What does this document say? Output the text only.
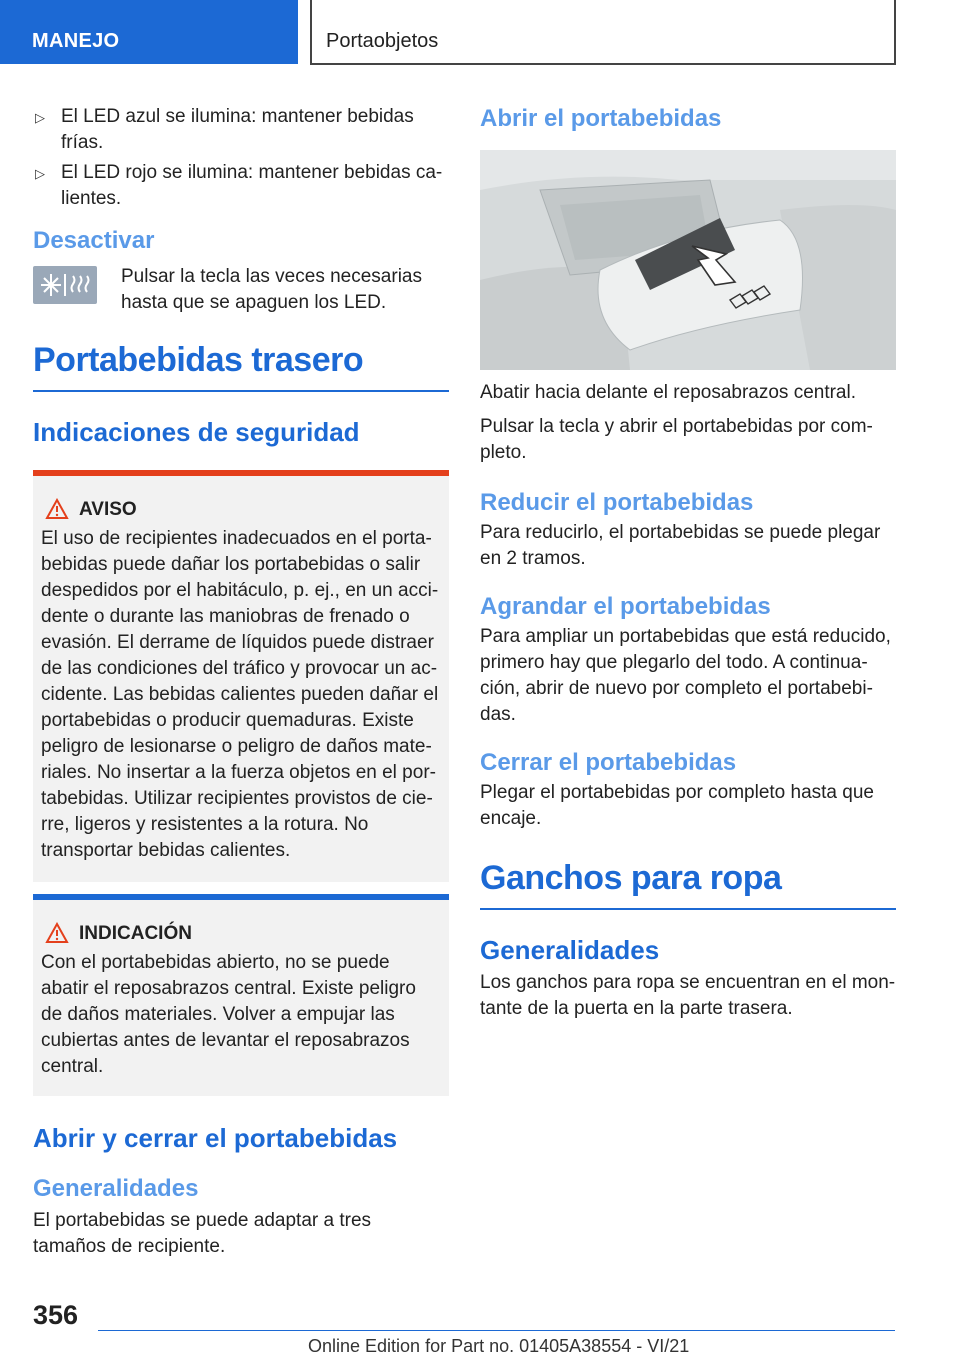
MANEJO	Portaobjetos
▷ El LED azul se ilumina: mantener bebidas frías.
▷ El LED rojo se ilumina: mantener bebidas ca-lientes.
Desactivar
Pulsar la tecla las veces necesarias hasta que se apaguen los LED.
Portabebidas trasero
Indicaciones de seguridad
AVISO
El uso de recipientes inadecuados en el porta-bebidas puede dañar los portabebidas o salir despedidos por el habitáculo, p. ej., en un acci-dente o durante las maniobras de frenado o evasión. El derrame de líquidos puede distraer de las condiciones del tráfico y provocar un ac-cidente. Las bebidas calientes pueden dañar el portabebidas o producir quemaduras. Existe peligro de lesionarse o peligro de daños mate-riales. No insertar a la fuerza objetos en el por-tabebidas. Utilizar recipientes provistos de cie-rre, ligeros y resistentes a la rotura. No transportar bebidas calientes.
INDICACIÓN
Con el portabebidas abierto, no se puede abatir el reposabrazos central. Existe peligro de daños materiales. Volver a empujar las cubiertas antes de levantar el reposabrazos central.
Abrir y cerrar el portabebidas
Generalidades
El portabebidas se puede adaptar a tres tamaños de recipiente.
Abrir el portabebidas
Abatir hacia delante el reposabrazos central.
Pulsar la tecla y abrir el portabebidas por com-pleto.
Reducir el portabebidas
Para reducirlo, el portabebidas se puede plegar en 2 tramos.
Agrandar el portabebidas
Para ampliar un portabebidas que está reducido, primero hay que plegarlo del todo. A continua-ción, abrir de nuevo por completo el portabebi-das.
Cerrar el portabebidas
Plegar el portabebidas por completo hasta que encaje.
Ganchos para ropa
Generalidades
Los ganchos para ropa se encuentran en el mon-tante de la puerta en la parte trasera.
356
Online Edition for Part no. 01405A38554 - VI/21
